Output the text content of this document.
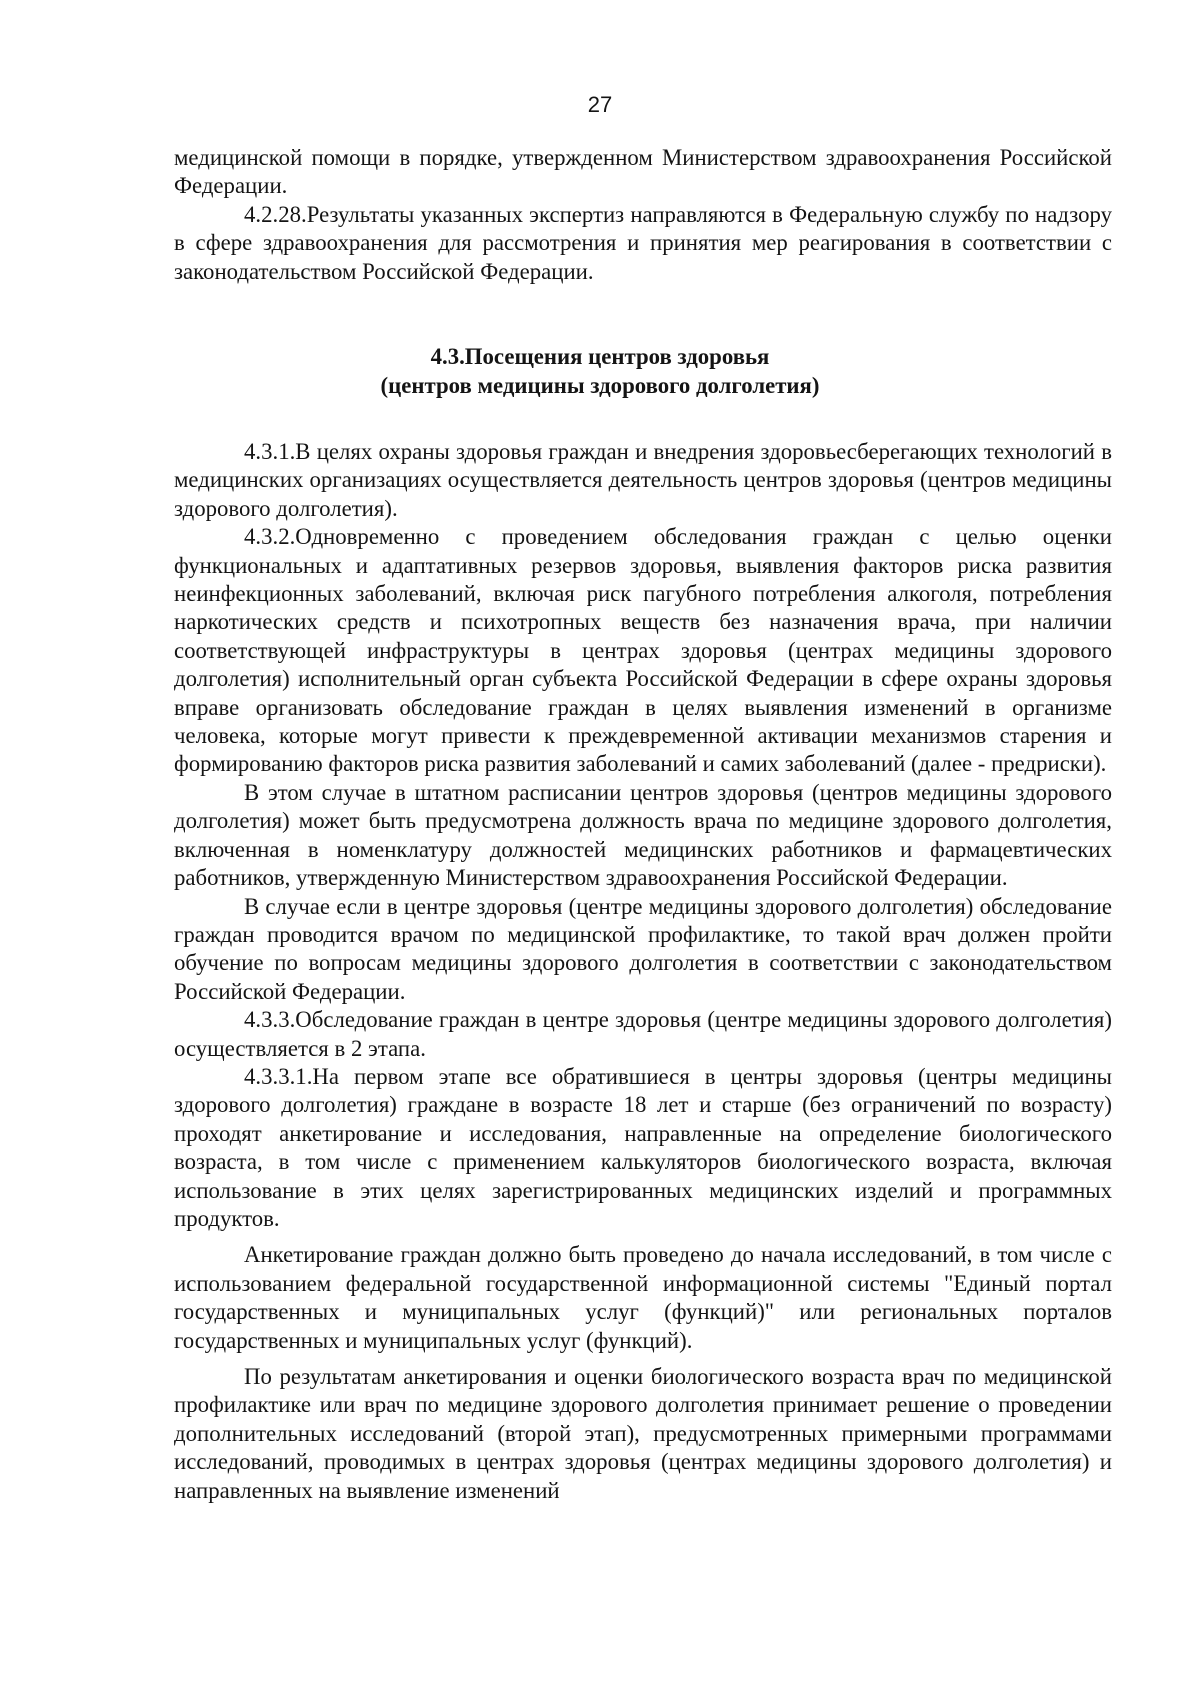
27

медицинской помощи в порядке, утвержденном Министерством здравоохранения Российской Федерации.

4.2.28.Результаты указанных экспертиз направляются в Федеральную службу по надзору в сфере здравоохранения для рассмотрения и принятия мер реагирования в соответствии с законодательством Российской Федерации.

4.3.Посещения центров здоровья
(центров медицины здорового долголетия)

4.3.1.В целях охраны здоровья граждан и внедрения здоровьесберегающих технологий в медицинских организациях осуществляется деятельность центров здоровья (центров медицины здорового долголетия).

4.3.2.Одновременно с проведением обследования граждан с целью оценки функциональных и адаптативных резервов здоровья, выявления факторов риска развития неинфекционных заболеваний, включая риск пагубного потребления алкоголя, потребления наркотических средств и психотропных веществ без назначения врача, при наличии соответствующей инфраструктуры в центрах здоровья (центрах медицины здорового долголетия) исполнительный орган субъекта Российской Федерации в сфере охраны здоровья вправе организовать обследование граждан в целях выявления изменений в организме человека, которые могут привести к преждевременной активации механизмов старения и формированию факторов риска развития заболеваний и самих заболеваний (далее - предриски).

В этом случае в штатном расписании центров здоровья (центров медицины здорового долголетия) может быть предусмотрена должность врача по медицине здорового долголетия, включенная в номенклатуру должностей медицинских работников и фармацевтических работников, утвержденную Министерством здравоохранения Российской Федерации.

В случае если в центре здоровья (центре медицины здорового долголетия) обследование граждан проводится врачом по медицинской профилактике, то такой врач должен пройти обучение по вопросам медицины здорового долголетия в соответствии с законодательством Российской Федерации.

4.3.3.Обследование граждан в центре здоровья (центре медицины здорового долголетия) осуществляется в 2 этапа.

4.3.3.1.На первом этапе все обратившиеся в центры здоровья (центры медицины здорового долголетия) граждане в возрасте 18 лет и старше (без ограничений по возрасту) проходят анкетирование и исследования, направленные на определение биологического возраста, в том числе с применением калькуляторов биологического возраста, включая использование в этих целях зарегистрированных медицинских изделий и программных продуктов.

Анкетирование граждан должно быть проведено до начала исследований, в том числе с использованием федеральной государственной информационной системы "Единый портал государственных и муниципальных услуг (функций)" или региональных порталов государственных и муниципальных услуг (функций).

По результатам анкетирования и оценки биологического возраста врач по медицинской профилактике или врач по медицине здорового долголетия принимает решение о проведении дополнительных исследований (второй этап), предусмотренных примерными программами исследований, проводимых в центрах здоровья (центрах медицины здорового долголетия) и направленных на выявление изменений
